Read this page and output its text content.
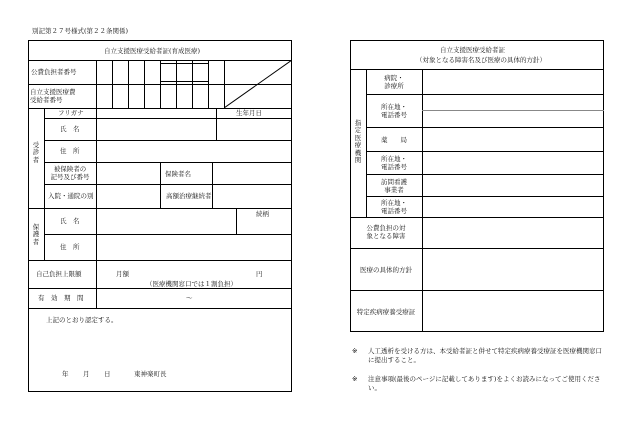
別記第２７号様式(第２２条関係)
自立支援医療受給者証(育成医療)
公費負担者番号
自立支援医療費
受給者番号
フリガナ	生年月日
氏　名
住　所
被保険者の
記号及び番号	保険者名
入院・通院の別	高額治療継続者
氏　名
続柄
住　所
自己負担上限額	月額	円
（医療機関窓口では１割負担）
有　効　期　間	～
受
診
者
保
護
者
上記のとおり認定する。
年 月 日	東神楽町長
自立支援医療受給者証
（対象となる障害名及び医療の具体的方針）
指
定
医
療
機
関
病院・
診療所
所在地・
電話番号
薬　　局
所在地・
電話番号
訪問看護
事業者
所在地・
電話番号
公費負担の対
象となる障害
医療の具体的方針
特定疾病療養受療証
※ 人工透析を受ける方は、本受給者証と併せて特定疾病療養受療証を医療機関窓口に提出すること。
※ 注意事項(最後のページに記載してあります)をよくお読みになってご使用ください。
